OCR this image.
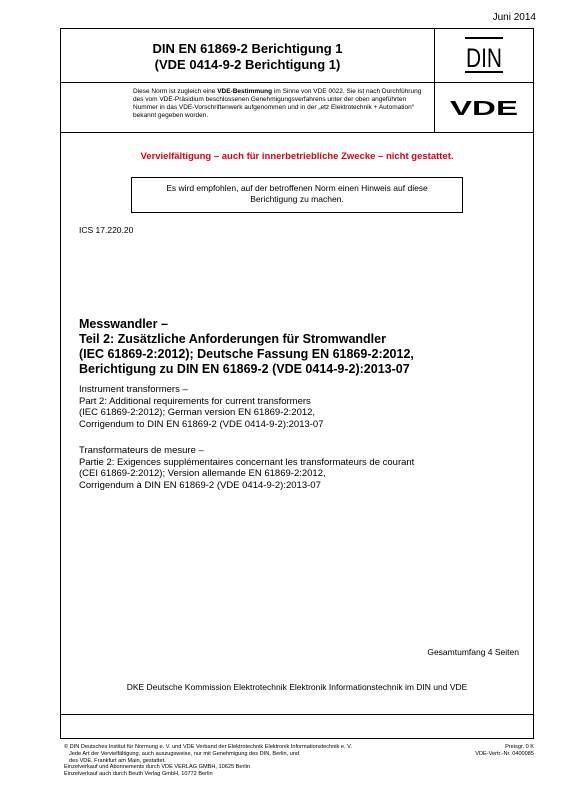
Juni 2014
DIN EN 61869-2 Berichtigung 1
(VDE 0414-9-2 Berichtigung 1)	DIN
Diese Norm ist zugleich eine VDE-Bestimmung im Sinne von VDE 0022. Sie ist nach Durchführung des vom VDE-Präsidium beschlossenen Genehmigungsverfahrens unter der oben angeführten Nummer in das VDE-Vorschriftenwerk aufgenommen und in der „etz Elektrotechnik + Automation“ bekannt gegeben worden.	VDE
Vervielfältigung – auch für innerbetriebliche Zwecke – nicht gestattet.
Es wird empfohlen, auf der betroffenen Norm einen Hinweis auf diese Berichtigung zu machen.
ICS 17.220.20
Messwandler –
Teil 2: Zusätzliche Anforderungen für Stromwandler
(IEC 61869-2:2012); Deutsche Fassung EN 61869-2:2012,
Berichtigung zu DIN EN 61869-2 (VDE 0414-9-2):2013-07
Instrument transformers –
Part 2: Additional requirements for current transformers
(IEC 61869-2:2012); German version EN 61869-2:2012,
Corrigendum to DIN EN 61869-2 (VDE 0414-9-2):2013-07
Transformateurs de mesure –
Partie 2: Exigences supplémentaires concernant les transformateurs de courant
(CEI 61869-2:2012); Version allemande EN 61869-2:2012,
Corrigendum à DIN EN 61869-2 (VDE 0414-9-2):2013-07
Gesamtumfang 4 Seiten
DKE Deutsche Kommission Elektrotechnik Elektronik Informationstechnik im DIN und VDE
© DIN Deutsches Institut für Normung e. V. und VDE Verband der Elektrotechnik Elektronik Informationstechnik e. V.
Jede Art der Vervielfältigung, auch auszugsweise, nur mit Genehmigung des DIN, Berlin, und
des VDE, Frankfurt am Main, gestattet.
Einzelverkauf und Abonnements durch VDE VERLAG GMBH, 10625 Berlin
Einzelverkauf auch durch Beuth Verlag GmbH, 10772 Berlin
Preisgr. 0 K
VDE-Vertr.-Nr. 0400085
